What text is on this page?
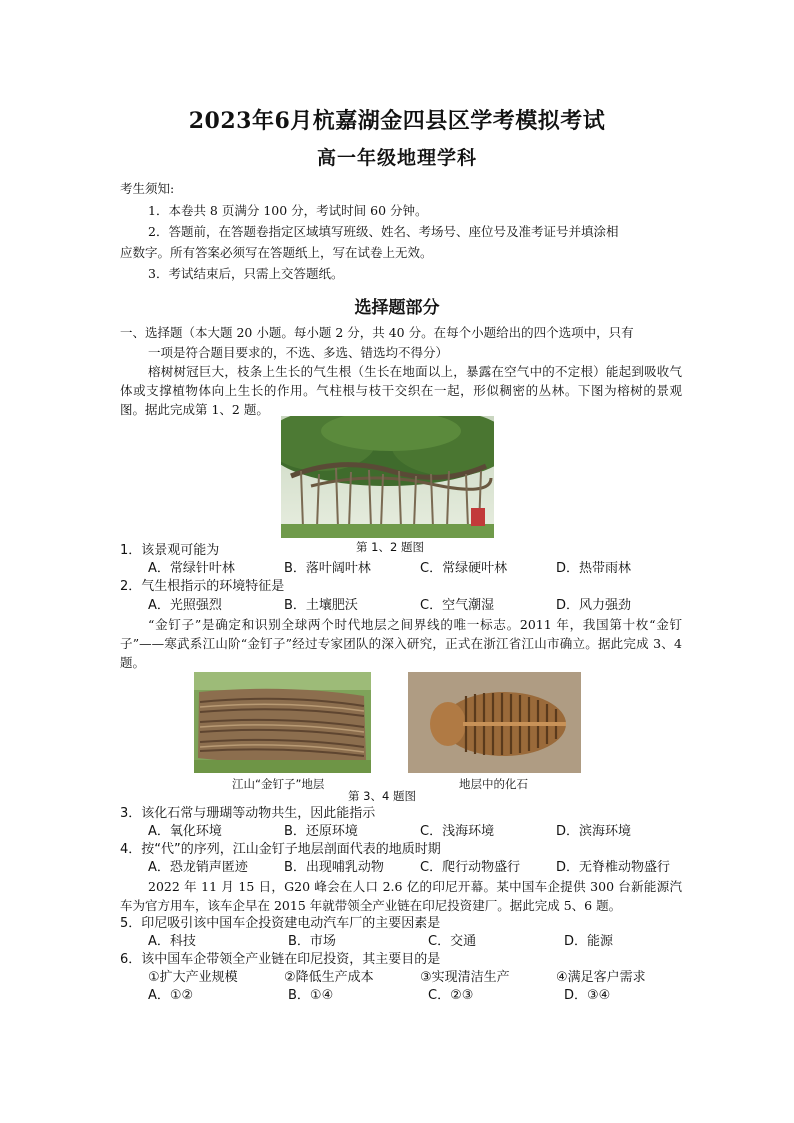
2023年6月杭嘉湖金四县区学考模拟考试
高一年级地理学科
考生须知:
1．本卷共 8 页满分 100 分，考试时间 60 分钟。
2．答题前，在答题卷指定区域填写班级、姓名、考场号、座位号及准考证号并填涂相
应数字。所有答案必须写在答题纸上，写在试卷上无效。
3．考试结束后，只需上交答题纸。
选择题部分
一、选择题（本大题 20 小题。每小题 2 分，共 40 分。在每个小题给出的四个选项中，只有
一项是符合题目要求的，不选、多选、错选均不得分）
榕树树冠巨大，枝条上生长的气生根（生长在地面以上，暴露在空气中的不定根）能起到吸收气体或支撑植物体向上生长的作用。气柱根与枝干交织在一起，形似稠密的丛林。下图为榕树的景观图。据此完成第 1、2 题。
第 1、2 题图
1．该景观可能为
A．常绿针叶林	B．落叶阔叶林	C．常绿硬叶林	D．热带雨林
2．气生根指示的环境特征是
A．光照强烈	B．土壤肥沃	C．空气潮湿	D．风力强劲
“金钉子”是确定和识别全球两个时代地层之间界线的唯一标志。2011 年，我国第十枚“金钉子”——寒武系江山阶“金钉子”经过专家团队的深入研究，正式在浙江省江山市确立。据此完成 3、4 题。
江山“金钉子”地层	地层中的化石
第 3、4 题图
3．该化石常与珊瑚等动物共生，因此能指示
A．氧化环境	B．还原环境	C．浅海环境	D．滨海环境
4．按“代”的序列，江山金钉子地层剖面代表的地质时期
A．恐龙销声匿迹	B．出现哺乳动物	C．爬行动物盛行	D．无脊椎动物盛行
2022 年 11 月 15 日，G20 峰会在人口 2.6 亿的印尼开幕。某中国车企提供 300 台新能源汽车为官方用车，该车企早在 2015 年就带领全产业链在印尼投资建厂。据此完成 5、6 题。
5．印尼吸引该中国车企投资建电动汽车厂的主要因素是
A．科技	B．市场	C．交通	D．能源
6．该中国车企带领全产业链在印尼投资，其主要目的是
①扩大产业规模	②降低生产成本	③实现清洁生产	④满足客户需求
A．①②	B．①④	C．②③	D．③④
